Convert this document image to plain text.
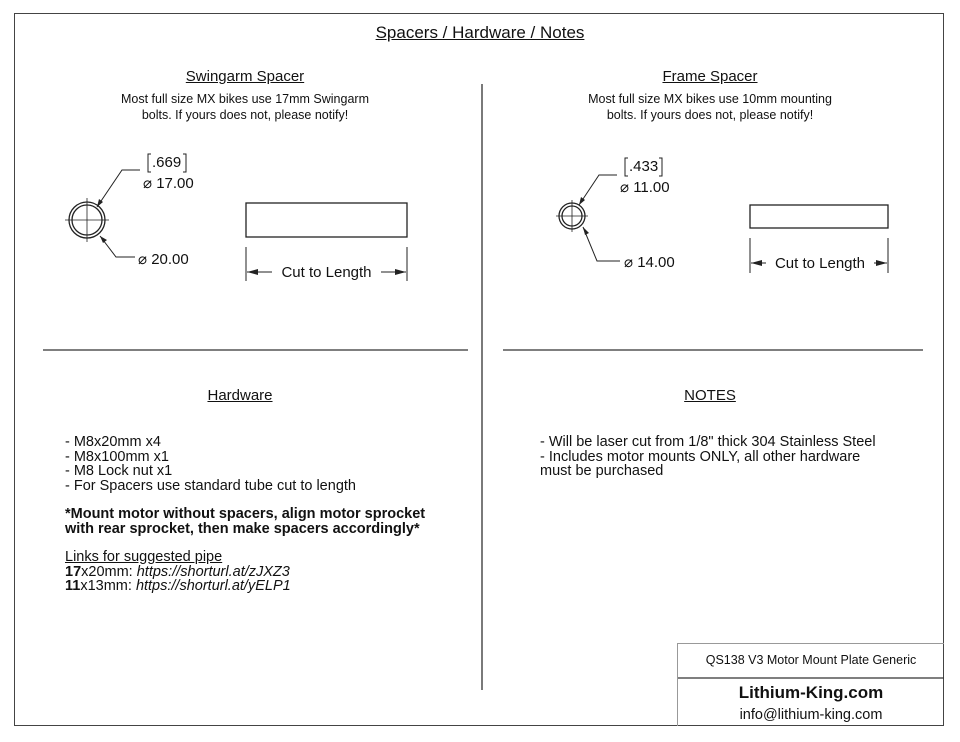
Spacers / Hardware / Notes
Swingarm Spacer
Most full size MX bikes use 17mm Swingarm
bolts. If yours does not, please notify!
.669
⌀ 17.00
⌀ 20.00
Cut to Length
Frame Spacer
Most full size MX bikes use 10mm mounting
bolts. If yours does not, please notify!
.433
⌀ 11.00
⌀ 14.00	Cut to Length
Hardware
- M8x20mm x4
- M8x100mm x1
- M8 Lock nut x1
- For Spacers use standard tube cut to length
*Mount motor without spacers, align motor sprocket
with rear sprocket, then make spacers accordingly*
Links for suggested pipe
17x20mm: https://shorturl.at/zJXZ3
11x13mm: https://shorturl.at/yELP1
NOTES
- Will be laser cut from 1/8" thick 304 Stainless Steel
- Includes motor mounts ONLY, all other hardware
must be purchased
QS138 V3 Motor Mount Plate Generic
Lithium-King.com
info@lithium-king.com
